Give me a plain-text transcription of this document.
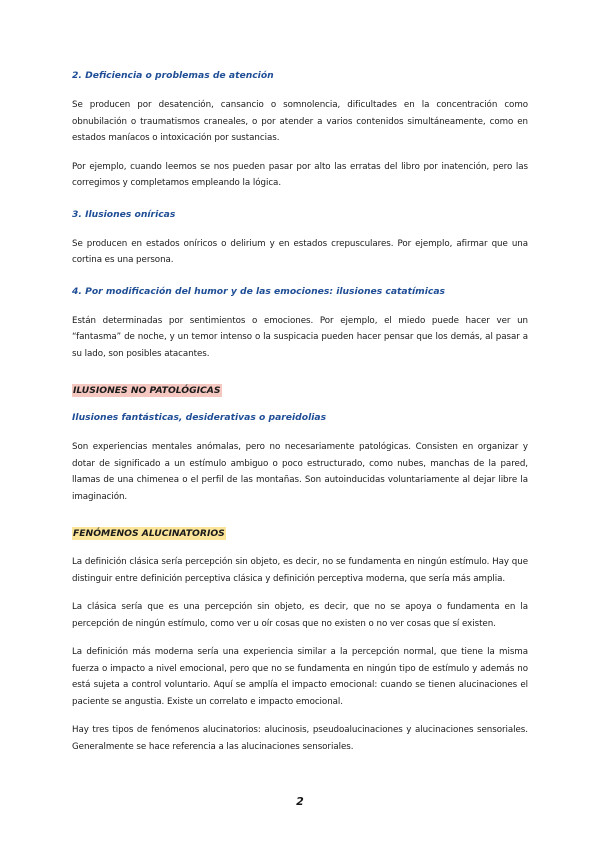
2. Deficiencia o problemas de atención

Se producen por desatención, cansancio o somnolencia, dificultades en la concentración como obnubilación o traumatismos craneales, o por atender a varios contenidos simultáneamente, como en estados maníacos o intoxicación por sustancias.

Por ejemplo, cuando leemos se nos pueden pasar por alto las erratas del libro por inatención, pero las corregimos y completamos empleando la lógica.

3. Ilusiones oníricas

Se producen en estados oníricos o delirium y en estados crepusculares. Por ejemplo, afirmar que una cortina es una persona.

4. Por modificación del humor y de las emociones: ilusiones catatímicas

Están determinadas por sentimientos o emociones. Por ejemplo, el miedo puede hacer ver un “fantasma” de noche, y un temor intenso o la suspicacia pueden hacer pensar que los demás, al pasar a su lado, son posibles atacantes.

ILUSIONES NO PATOLÓGICAS
Ilusiones fantásticas, desiderativas o pareidolias

Son experiencias mentales anómalas, pero no necesariamente patológicas. Consisten en organizar y dotar de significado a un estímulo ambiguo o poco estructurado, como nubes, manchas de la pared, llamas de una chimenea o el perfil de las montañas. Son autoinducidas voluntariamente al dejar libre la imaginación.

FENÓMENOS ALUCINATORIOS

La definición clásica sería percepción sin objeto, es decir, no se fundamenta en ningún estímulo. Hay que distinguir entre definición perceptiva clásica y definición perceptiva moderna, que sería más amplia.

La clásica sería que es una percepción sin objeto, es decir, que no se apoya o fundamenta en la percepción de ningún estímulo, como ver u oír cosas que no existen o no ver cosas que sí existen.

La definición más moderna sería una experiencia similar a la percepción normal, que tiene la misma fuerza o impacto a nivel emocional, pero que no se fundamenta en ningún tipo de estímulo y además no está sujeta a control voluntario. Aquí se amplía el impacto emocional: cuando se tienen alucinaciones el paciente se angustia. Existe un correlato e impacto emocional.

Hay tres tipos de fenómenos alucinatorios: alucinosis, pseudoalucinaciones y alucinaciones sensoriales. Generalmente se hace referencia a las alucinaciones sensoriales.

2
